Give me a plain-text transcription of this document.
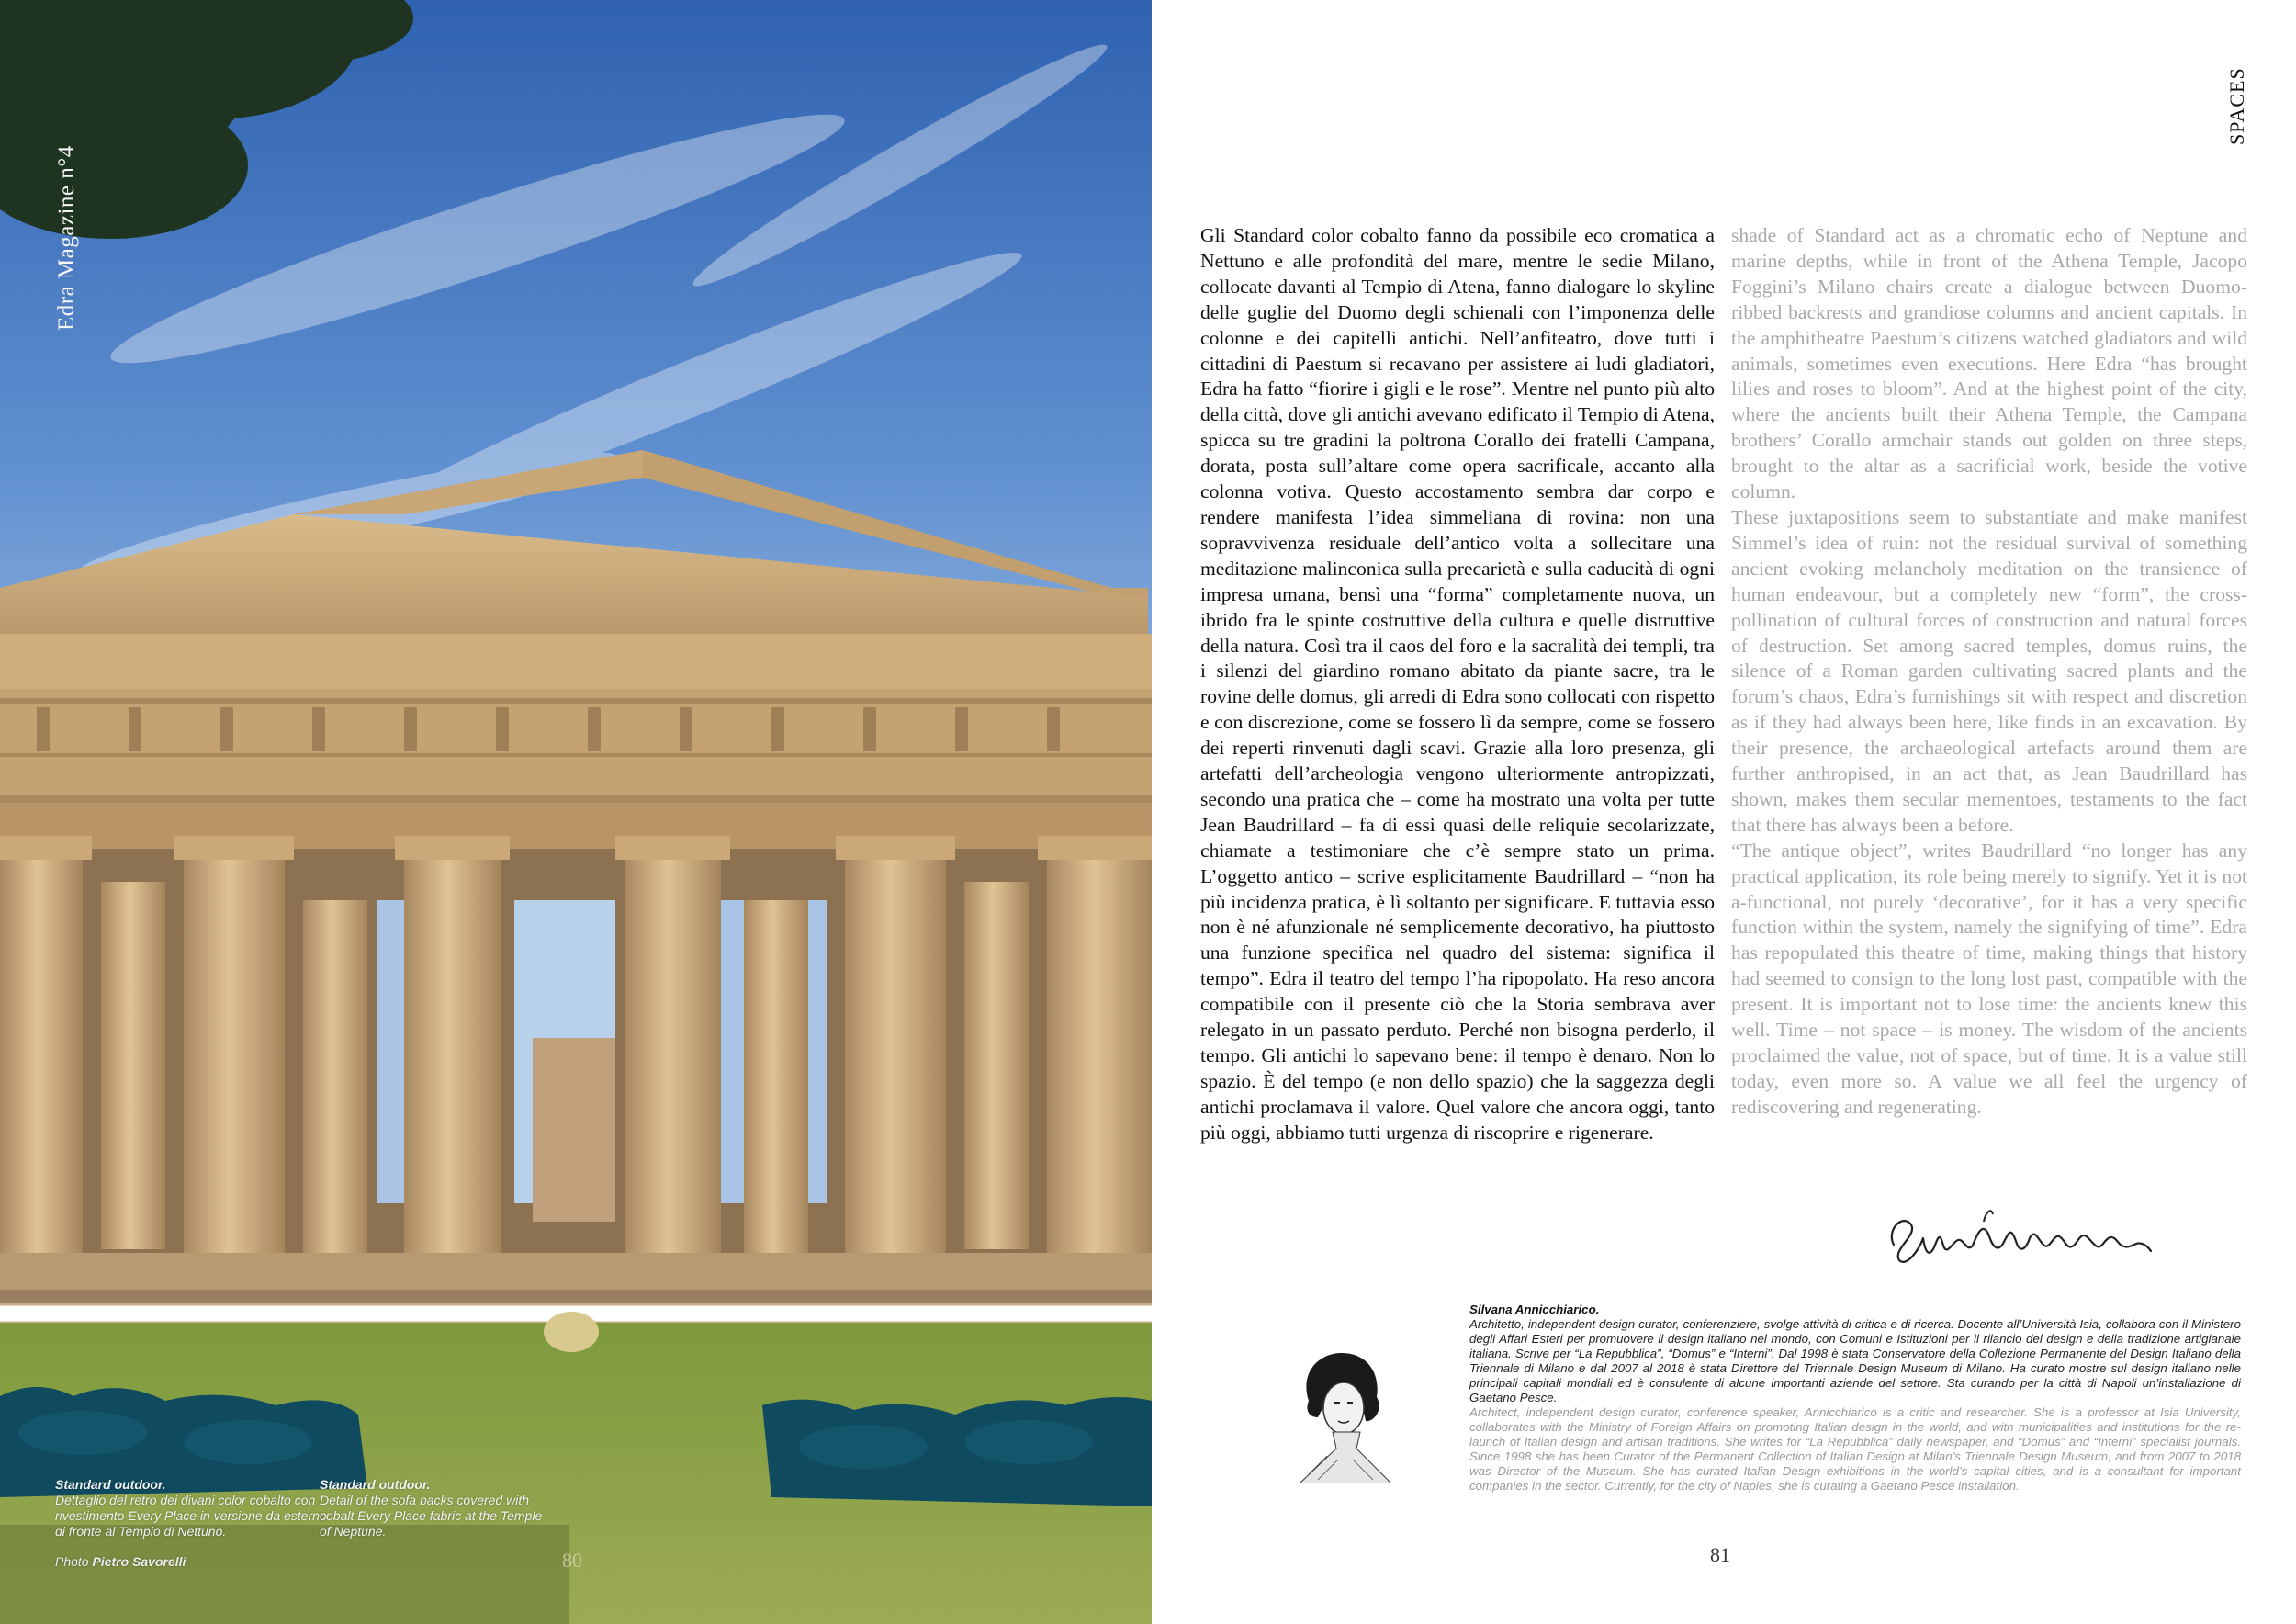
Edra Magazine n°4
Standard outdoor.
Dettaglio del retro dei divani color cobalto con rivestimento Every Place in versione da esterno di fronte al Tempio di Nettuno.
Standard outdoor.
Detail of the sofa backs covered with cobalt Every Place fabric at the Temple of Neptune.
Photo Pietro Savorelli	80
SPACES

Gli Standard color cobalto fanno da possibile eco cromatica a Nettuno e alle profondità del mare, mentre le sedie Milano, collocate davanti al Tempio di Atena, fanno dialogare lo skyline delle guglie del Duomo degli schienali con l’imponenza delle colonne e dei capitelli antichi. Nell’anfiteatro, dove tutti i cittadini di Paestum si recavano per assistere ai ludi gladiatori, Edra ha fatto “fiorire i gigli e le rose”. Mentre nel punto più alto della città, dove gli antichi avevano edificato il Tempio di Atena, spicca su tre gradini la poltrona Corallo dei fratelli Campana, dorata, posta sull’altare come opera sacrificale, accanto alla colonna votiva. Questo accostamento sembra dar corpo e rendere manifesta l’idea simmeliana di rovina: non una sopravvivenza residuale dell’antico volta a sollecitare una meditazione malinconica sulla precarietà e sulla caducità di ogni impresa umana, bensì una “forma” completamente nuova, un ibrido fra le spinte costruttive della cultura e quelle distruttive della natura. Così tra il caos del foro e la sacralità dei templi, tra i silenzi del giardino romano abitato da piante sacre, tra le rovine delle domus, gli arredi di Edra sono collocati con rispetto e con discrezione, come se fossero lì da sempre, come se fossero dei reperti rinvenuti dagli scavi. Grazie alla loro presenza, gli artefatti dell’archeologia vengono ulteriormente antropizzati, secondo una pratica che – come ha mostrato una volta per tutte Jean Baudrillard – fa di essi quasi delle reliquie secolarizzate, chiamate a testimoniare che c’è sempre stato un prima. L’oggetto antico – scrive esplicitamente Baudrillard – “non ha più incidenza pratica, è lì soltanto per significare. E tuttavia esso non è né afunzionale né semplicemente decorativo, ha piuttosto una funzione specifica nel quadro del sistema: significa il tempo”. Edra il teatro del tempo l’ha ripopolato. Ha reso ancora compatibile con il presente ciò che la Storia sembrava aver relegato in un passato perduto. Perché non bisogna perderlo, il tempo. Gli antichi lo sapevano bene: il tempo è denaro. Non lo spazio. È del tempo (e non dello spazio) che la saggezza degli antichi proclamava il valore. Quel valore che ancora oggi, tanto più oggi, abbiamo tutti urgenza di riscoprire e rigenerare.

shade of Standard act as a chromatic echo of Neptune and marine depths, while in front of the Athena Temple, Jacopo Foggini’s Milano chairs create a dialogue between Duomo-ribbed backrests and grandiose columns and ancient capitals. In the amphitheatre Paestum’s citizens watched gladiators and wild animals, sometimes even executions. Here Edra “has brought lilies and roses to bloom”. And at the highest point of the city, where the ancients built their Athena Temple, the Campana brothers’ Corallo armchair stands out golden on three steps, brought to the altar as a sacrificial work, beside the votive column.

These juxtapositions seem to substantiate and make manifest Simmel’s idea of ruin: not the residual survival of something ancient evoking melancholy meditation on the transience of human endeavour, but a completely new “form”, the cross-pollination of cultural forces of construction and natural forces of destruction. Set among sacred temples, domus ruins, the silence of a Roman garden cultivating sacred plants and the forum’s chaos, Edra’s furnishings sit with respect and discretion as if they had always been here, like finds in an excavation. By their presence, the archaeological artefacts around them are further anthropised, in an act that, as Jean Baudrillard has shown, makes them secular mementoes, testaments to the fact that there has always been a before.

“The antique object”, writes Baudrillard “no longer has any practical application, its role being merely to signify. Yet it is not a-functional, not purely ‘decorative’, for it has a very specific function within the system, namely the signifying of time”. Edra has repopulated this theatre of time, making things that history had seemed to consign to the long lost past, compatible with the present. It is important not to lose time: the ancients knew this well. Time – not space – is money. The wisdom of the ancients proclaimed the value, not of space, but of time. It is a value still today, even more so. A value we all feel the urgency of rediscovering and regenerating.

Silvana Annicchiarico.
Architetto, independent design curator, conferenziere, svolge attività di critica e di ricerca. Docente all’Università Isia, collabora con il Ministero degli Affari Esteri per promuovere il design italiano nel mondo, con Comuni e Istituzioni per il rilancio del design e della tradizione artigianale italiana. Scrive per “La Repubblica”, “Domus” e “Interni”. Dal 1998 è stata Conservatore della Collezione Permanente del Design Italiano della Triennale di Milano e dal 2007 al 2018 è stata Direttore del Triennale Design Museum di Milano. Ha curato mostre sul design italiano nelle principali capitali mondiali ed è consulente di alcune importanti aziende del settore. Sta curando per la città di Napoli un’installazione di Gaetano Pesce.
Architect, independent design curator, conference speaker, Annicchiarico is a critic and researcher. She is a professor at Isia University, collaborates with the Ministry of Foreign Affairs on promoting Italian design in the world, and with municipalities and institutions for the re-launch of Italian design and artisan traditions. She writes for “La Repubblica” daily newspaper, and “Domus” and “Interni” specialist journals. Since 1998 she has been Curator of the Permanent Collection of Italian Design at Milan’s Triennale Design Museum, and from 2007 to 2018 was Director of the Museum. She has curated Italian Design exhibitions in the world’s capital cities, and is a consultant for important companies in the sector. Currently, for the city of Naples, she is curating a Gaetano Pesce installation.
81
